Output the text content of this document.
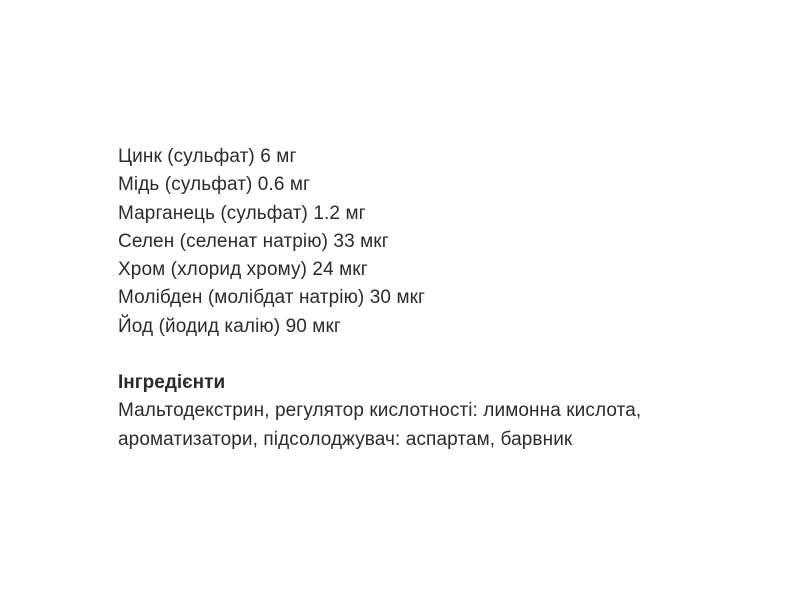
Цинк (сульфат) 6 мг
Мідь (сульфат) 0.6 мг
Марганець (сульфат) 1.2 мг
Селен (селенат натрію) 33 мкг
Хром (хлорид хрому) 24 мкг
Молібден (молібдат натрію) 30 мкг
Йод (йодид калію) 90 мкг
Інгредієнти

Мальтодекстрин, регулятор кислотності: лимонна кислота,
ароматизатори, підсолоджувач: аспартам, барвник
